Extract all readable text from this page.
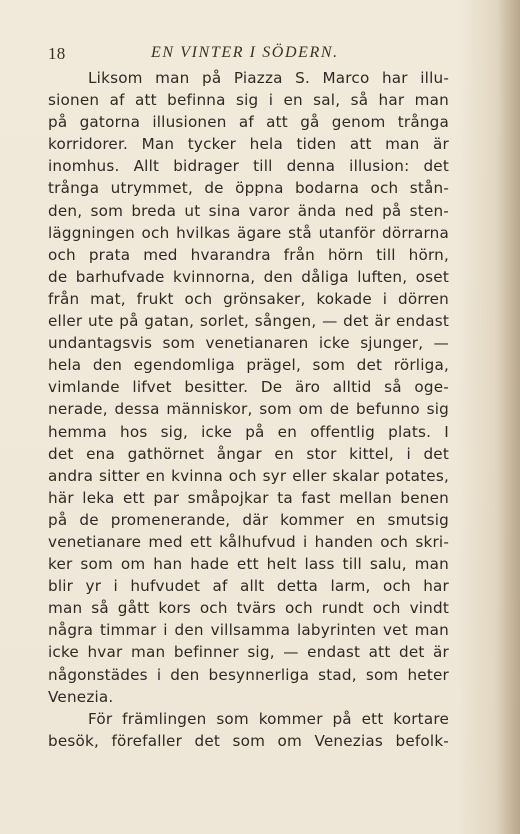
18	EN VINTER I SÖDERN.
Liksom man på Piazza S. Marco har illu-
sionen af att befinna sig i en sal, så har man
på gatorna illusionen af att gå genom trånga
korridorer. Man tycker hela tiden att man är
inomhus. Allt bidrager till denna illusion: det
trånga utrymmet, de öppna bodarna och stån-
den, som breda ut sina varor ända ned på sten-
läggningen och hvilkas ägare stå utanför dörrarna
och prata med hvarandra från hörn till hörn,
de barhufvade kvinnorna, den dåliga luften, oset
från mat, frukt och grönsaker, kokade i dörren
eller ute på gatan, sorlet, sången, — det är endast
undantagsvis som venetianaren icke sjunger, —
hela den egendomliga prägel, som det rörliga,
vimlande lifvet besitter. De äro alltid så oge-
nerade, dessa människor, som om de befunno sig
hemma hos sig, icke på en offentlig plats. I
det ena gathörnet ångar en stor kittel, i det
andra sitter en kvinna och syr eller skalar potates,
här leka ett par småpojkar ta fast mellan benen
på de promenerande, där kommer en smutsig
venetianare med ett kålhufvud i handen och skri-
ker som om han hade ett helt lass till salu, man
blir yr i hufvudet af allt detta larm, och har
man så gått kors och tvärs och rundt och vindt
några timmar i den villsamma labyrinten vet man
icke hvar man befinner sig, — endast att det är
någonstädes i den besynnerliga stad, som heter
Venezia.
För främlingen som kommer på ett kortare
besök, förefaller det som om Venezias befolk-
